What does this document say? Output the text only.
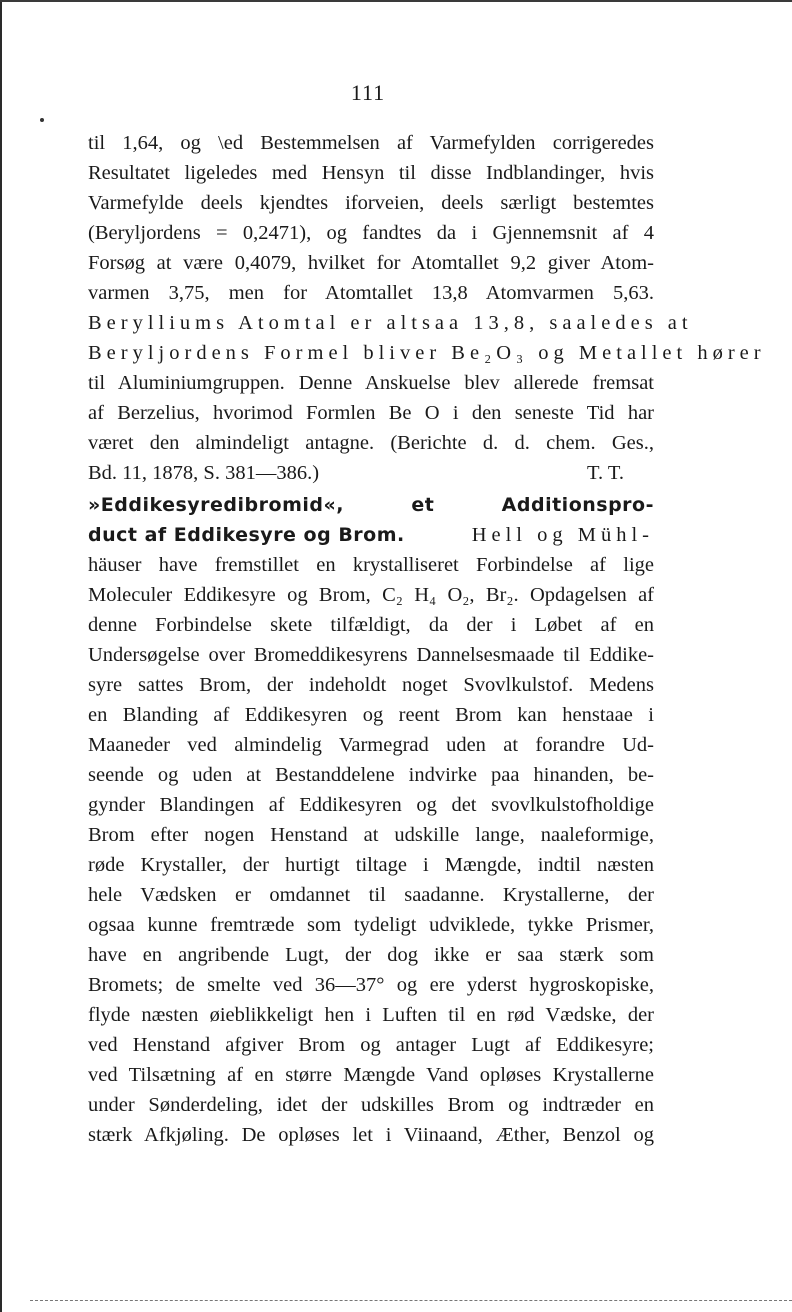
111
til 1,64, og \ed Bestemmelsen af Varmefylden corrigeredes
Resultatet ligeledes med Hensyn til disse Indblandinger, hvis
Varmefylde deels kjendtes iforveien, deels særligt bestemtes
(Beryljordens = 0,2471), og fandtes da i Gjennemsnit af 4
Forsøg at være 0,4079, hvilket for Atomtallet 9,2 giver Atom-
varmen 3,75, men for Atomtallet 13,8 Atomvarmen 5,63.
Berylliums Atomtal er altsaa 13,8, saaledes at
Beryljordens Formel bliver Be₂O₃ og Metallet hører
til Aluminiumgruppen. Denne Anskuelse blev allerede fremsat
af Berzelius, hvorimod Formlen Be O i den seneste Tid har
været den almindeligt antagne. (Berichte d. d. chem. Ges.,
Bd. 11, 1878, S. 381—386.)	T. T.
»Eddikesyredibromid«, et Additionspro-
duct af Eddikesyre og Brom.	Hell og Mühl-
häuser have fremstillet en krystalliseret Forbindelse af lige
Moleculer Eddikesyre og Brom, C₂ H₄ O₂, Br₂. Opdagelsen af
denne Forbindelse skete tilfældigt, da der i Løbet af en
Undersøgelse over Bromeddikesyrens Dannelsesmaade til Eddike-
syre sattes Brom, der indeholdt noget Svovlkulstof. Medens
en Blanding af Eddikesyren og reent Brom kan henstaae i
Maaneder ved almindelig Varmegrad uden at forandre Ud-
seende og uden at Bestanddelene indvirke paa hinanden, be-
gynder Blandingen af Eddikesyren og det svovlkulstofholdige
Brom efter nogen Henstand at udskille lange, naaleformige,
røde Krystaller, der hurtigt tiltage i Mængde, indtil næsten
hele Vædsken er omdannet til saadanne. Krystallerne, der
ogsaa kunne fremtræde som tydeligt udviklede, tykke Prismer,
have en angribende Lugt, der dog ikke er saa stærk som
Bromets; de smelte ved 36—37° og ere yderst hygroskopiske,
flyde næsten øieblikkeligt hen i Luften til en rød Vædske, der
ved Henstand afgiver Brom og antager Lugt af Eddikesyre;
ved Tilsætning af en større Mængde Vand opløses Krystallerne
under Sønderdeling, idet der udskilles Brom og indtræder en
stærk Afkjøling. De opløses let i Viinaand, Æther, Benzol og
